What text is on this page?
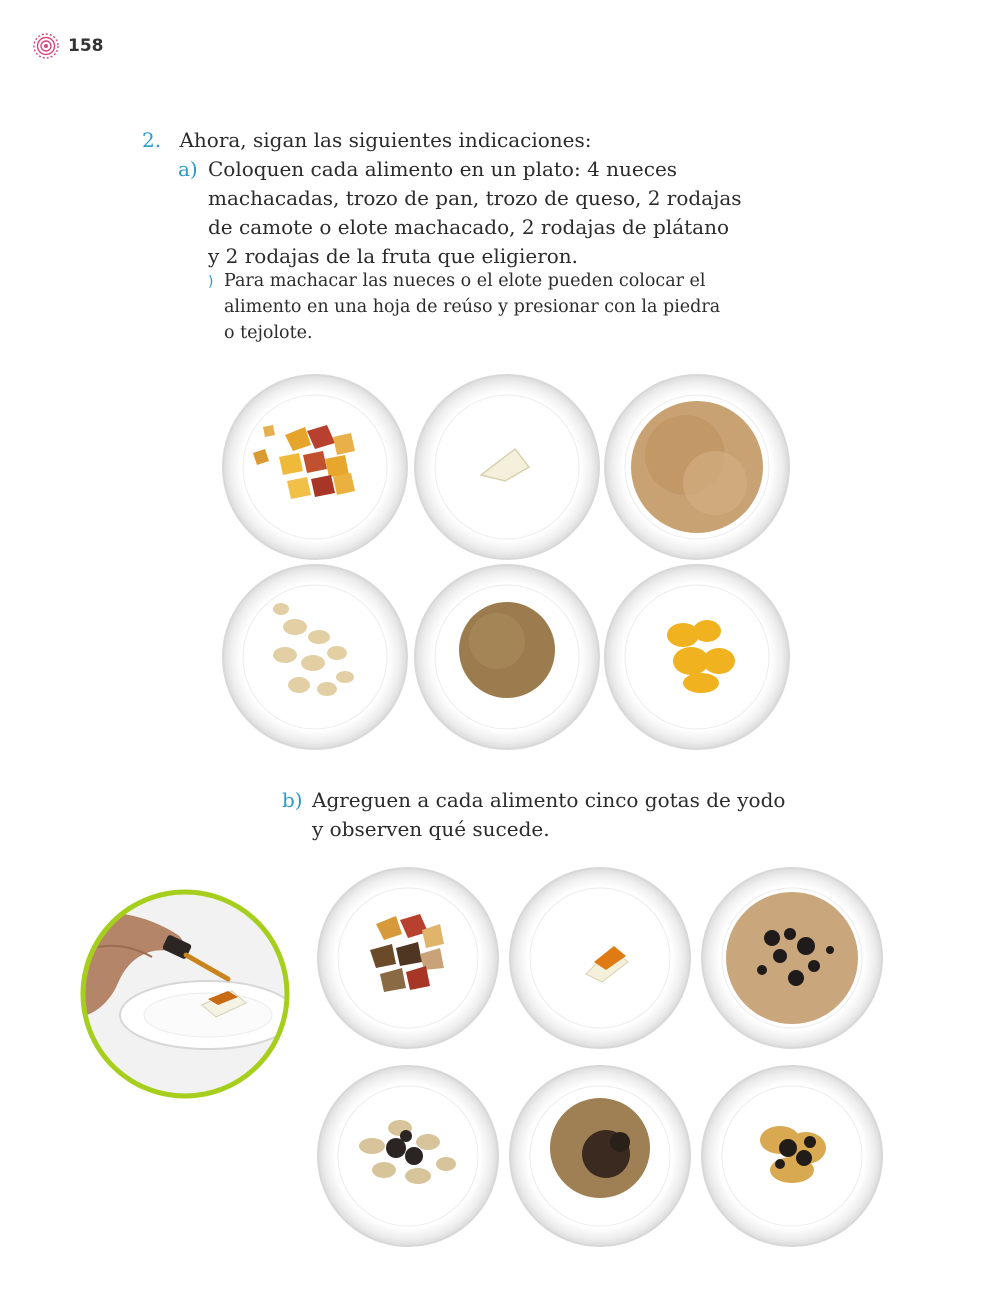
158
2. Ahora, sigan las siguientes indicaciones:
a) Coloquen cada alimento en un plato: 4 nueces
machacadas, trozo de pan, trozo de queso, 2 rodajas
de camote o elote machacado, 2 rodajas de plátano
y 2 rodajas de la fruta que eligieron.
) Para machacar las nueces o el elote pueden colocar el
alimento en una hoja de reúso y presionar con la piedra
o tejolote.
b) Agreguen a cada alimento cinco gotas de yodo
y observen qué sucede.
